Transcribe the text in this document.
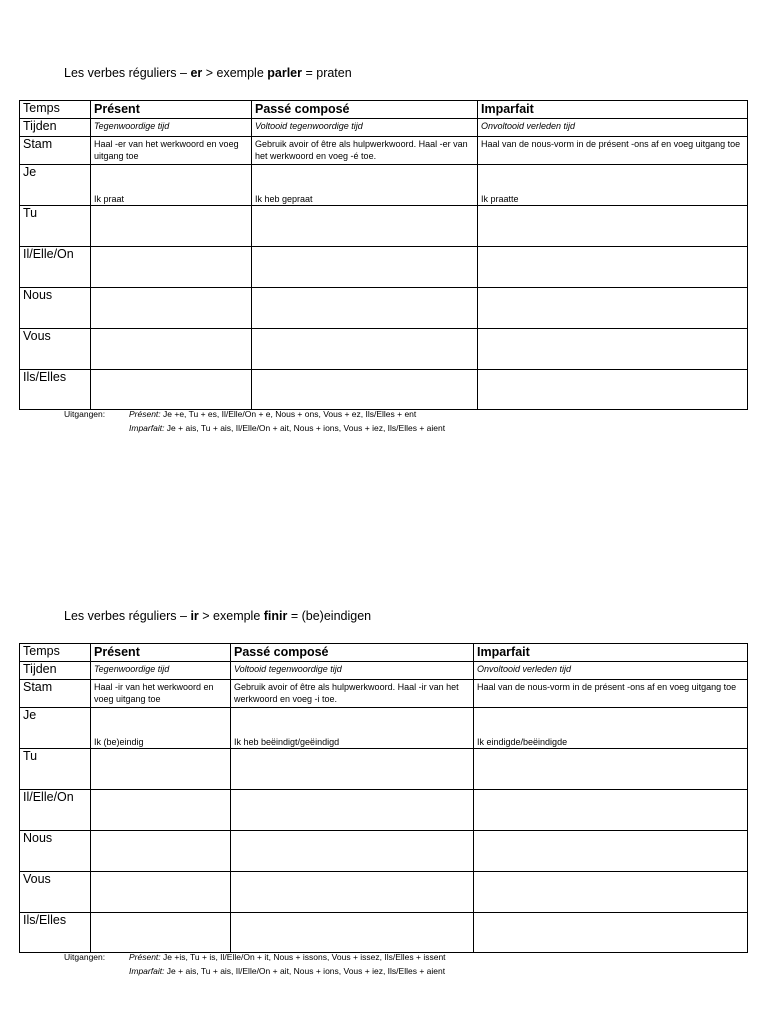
Les verbes réguliers – er > exemple parler = praten
Temps	Présent	Passé composé	Imparfait
Tijden	Tegenwoordige tijd	Voltooid tegenwoordige tijd	Onvoltooid verleden tijd
Stam	Haal -er van het werkwoord en voeg uitgang toe	Gebruik avoir of être als hulpwerkwoord. Haal -er van het werkwoord en voeg -é toe.	Haal van de nous-vorm in de présent -ons af en voeg uitgang toe
Je	Ik praat	Ik heb gepraat	Ik praatte

Tu			
Il/Elle/On			
Nous			
Vous			
Ils/Elles			
Uitgangen:	Présent: Je +e, Tu + es, Il/Elle/On + e, Nous + ons, Vous + ez, Ils/Elles + ent
Imparfait: Je + ais, Tu + ais, Il/Elle/On + ait, Nous + ions, Vous + iez, Ils/Elles + aient
Les verbes réguliers – ir > exemple finir = (be)eindigen
Temps	Présent	Passé composé	Imparfait
Tijden	Tegenwoordige tijd	Voltooid tegenwoordige tijd	Onvoltooid verleden tijd
Stam	Haal -ir van het werkwoord en voeg uitgang toe	Gebruik avoir of être als hulpwerkwoord. Haal -ir van het werkwoord en voeg -i toe.	Haal van de nous-vorm in de présent -ons af en voeg uitgang toe
Je	Ik (be)eindig	Ik heb beëindigt/geëindigd	Ik eindigde/beëindigde

Tu			
Il/Elle/On			
Nous			
Vous			
Ils/Elles			
Uitgangen:	Présent: Je +is, Tu + is, Il/Elle/On + it, Nous + issons, Vous + issez, Ils/Elles + issent
Imparfait: Je + ais, Tu + ais, Il/Elle/On + ait, Nous + ions, Vous + iez, Ils/Elles + aient
